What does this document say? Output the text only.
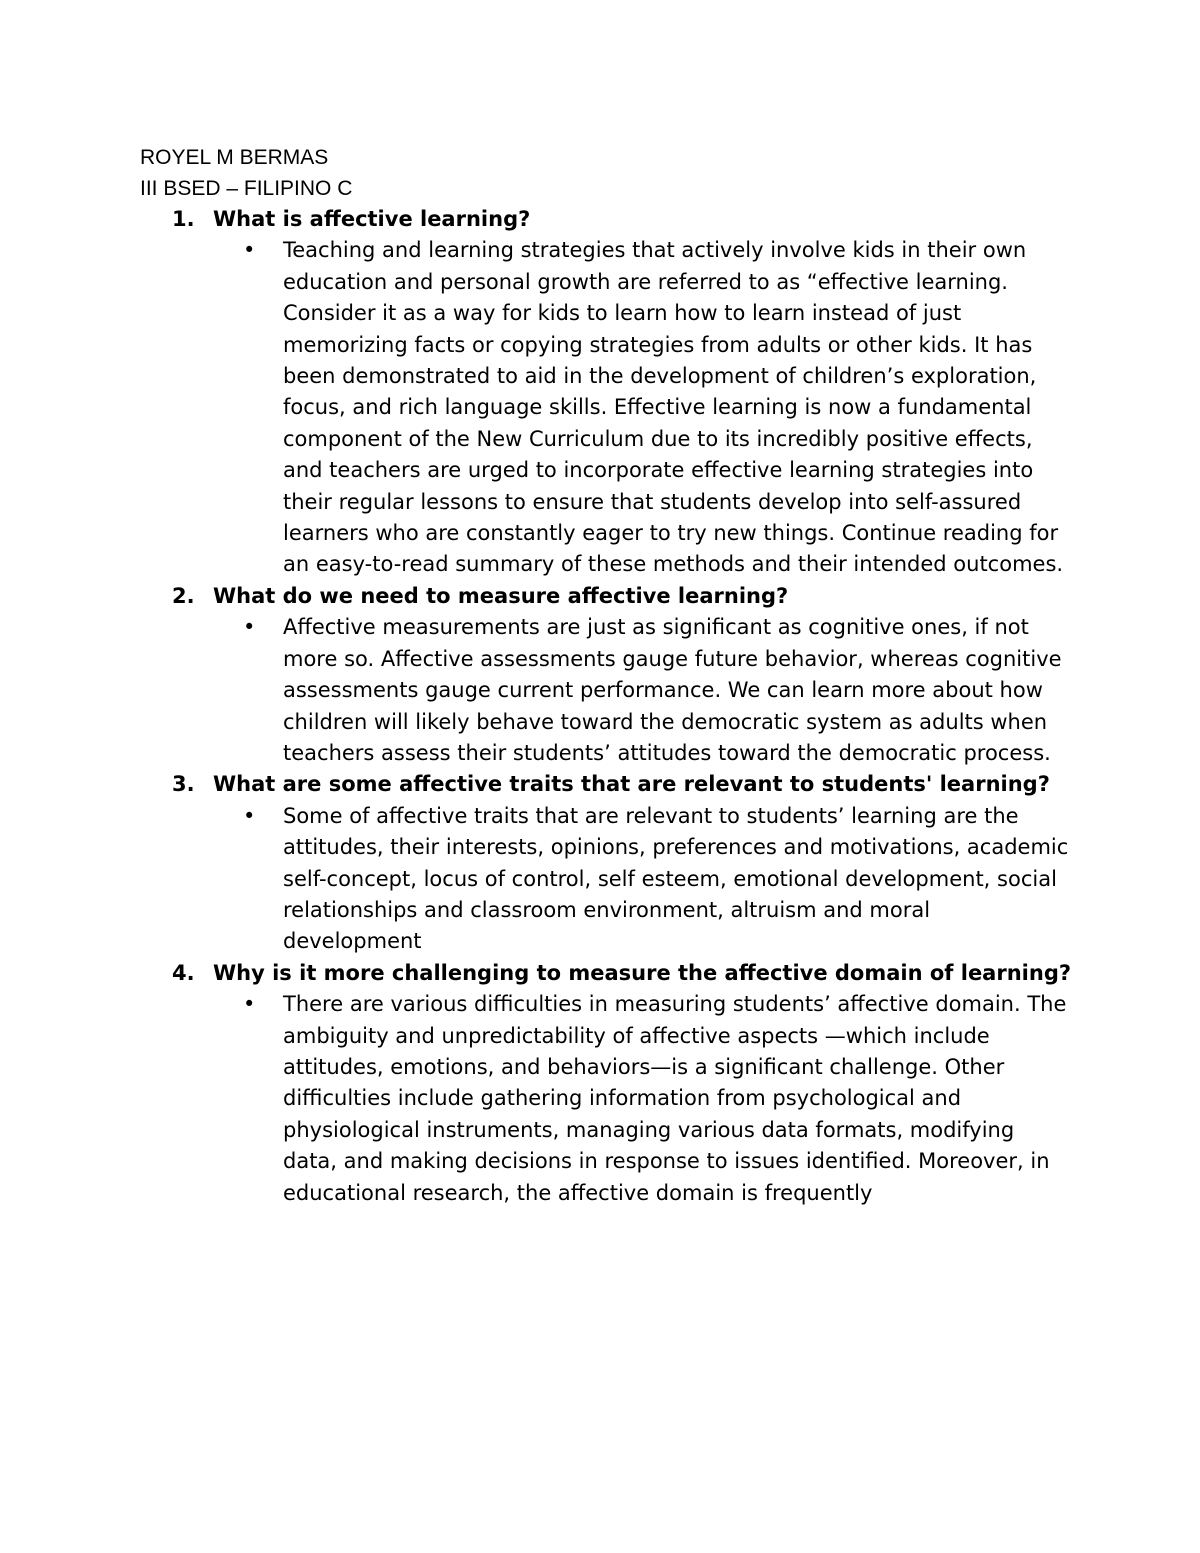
ROYEL M BERMAS
III BSED – FILIPINO C
1. What is affective learning?
• Teaching and learning strategies that actively involve kids in their own education and personal growth are referred to as “effective learning. Consider it as a way for kids to learn how to learn instead of just memorizing facts or copying strategies from adults or other kids. It has been demonstrated to aid in the development of children’s exploration, focus, and rich language skills. Effective learning is now a fundamental component of the New Curriculum due to its incredibly positive effects, and teachers are urged to incorporate effective learning strategies into their regular lessons to ensure that students develop into self-assured learners who are constantly eager to try new things. Continue reading for an easy-to-read summary of these methods and their intended outcomes.
2. What do we need to measure affective learning?
• Affective measurements are just as significant as cognitive ones, if not more so. Affective assessments gauge future behavior, whereas cognitive assessments gauge current performance. We can learn more about how children will likely behave toward the democratic system as adults when teachers assess their students’ attitudes toward the democratic process.
3. What are some affective traits that are relevant to students' learning?
• Some of affective traits that are relevant to students’ learning are the attitudes, their interests, opinions, preferences and motivations, academic self-concept, locus of control, self esteem, emotional development, social relationships and classroom environment, altruism and moral development
4. Why is it more challenging to measure the affective domain of learning?
• There are various difficulties in measuring students’ affective domain. The ambiguity and unpredictability of affective aspects —which include attitudes, emotions, and behaviors—is a significant challenge. Other difficulties include gathering information from psychological and physiological instruments, managing various data formats, modifying data, and making decisions in response to issues identified. Moreover, in educational research, the affective domain is frequently
